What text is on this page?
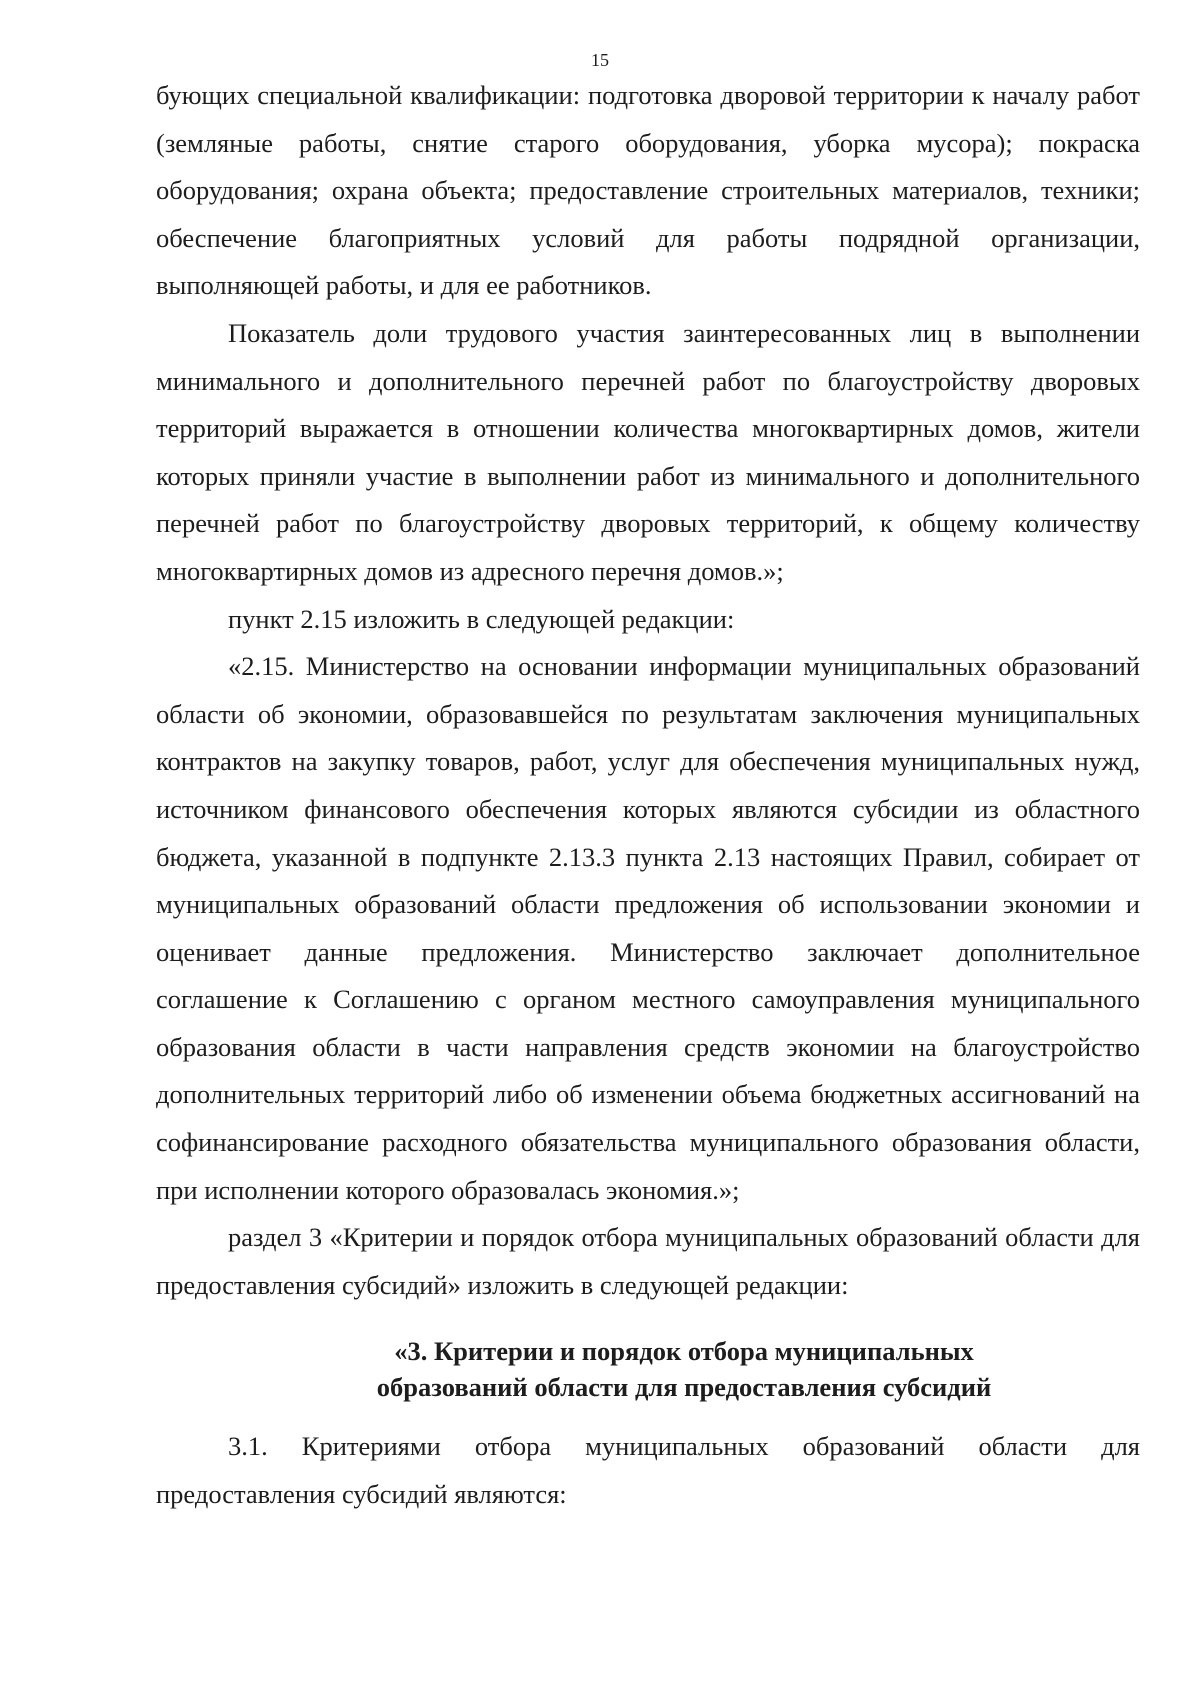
15

бующих специальной квалификации: подготовка дворовой территории к началу работ (земляные работы, снятие старого оборудования, уборка мусора); покраска оборудования; охрана объекта; предоставление строительных материалов, техники; обеспечение благоприятных условий для работы подрядной организации, выполняющей работы, и для ее работников.

Показатель доли трудового участия заинтересованных лиц в выполнении минимального и дополнительного перечней работ по благоустройству дворовых территорий выражается в отношении количества многоквартирных домов, жители которых приняли участие в выполнении работ из минимального и дополнительного перечней работ по благоустройству дворовых территорий, к общему количеству многоквартирных домов из адресного перечня домов.»;

пункт 2.15 изложить в следующей редакции:

«2.15. Министерство на основании информации муниципальных образований области об экономии, образовавшейся по результатам заключения муниципальных контрактов на закупку товаров, работ, услуг для обеспечения муниципальных нужд, источником финансового обеспечения которых являются субсидии из областного бюджета, указанной в подпункте 2.13.3 пункта 2.13 настоящих Правил, собирает от муниципальных образований области предложения об использовании экономии и оценивает данные предложения. Министерство заключает дополнительное соглашение к Соглашению с органом местного самоуправления муниципального образования области в части направления средств экономии на благоустройство дополнительных территорий либо об изменении объема бюджетных ассигнований на софинансирование расходного обязательства муниципального образования области, при исполнении которого образовалась экономия.»;

раздел 3 «Критерии и порядок отбора муниципальных образований области для предоставления субсидий» изложить в следующей редакции:

«3. Критерии и порядок отбора муниципальных
образований области для предоставления субсидий

3.1. Критериями отбора муниципальных образований области для предоставления субсидий являются:
